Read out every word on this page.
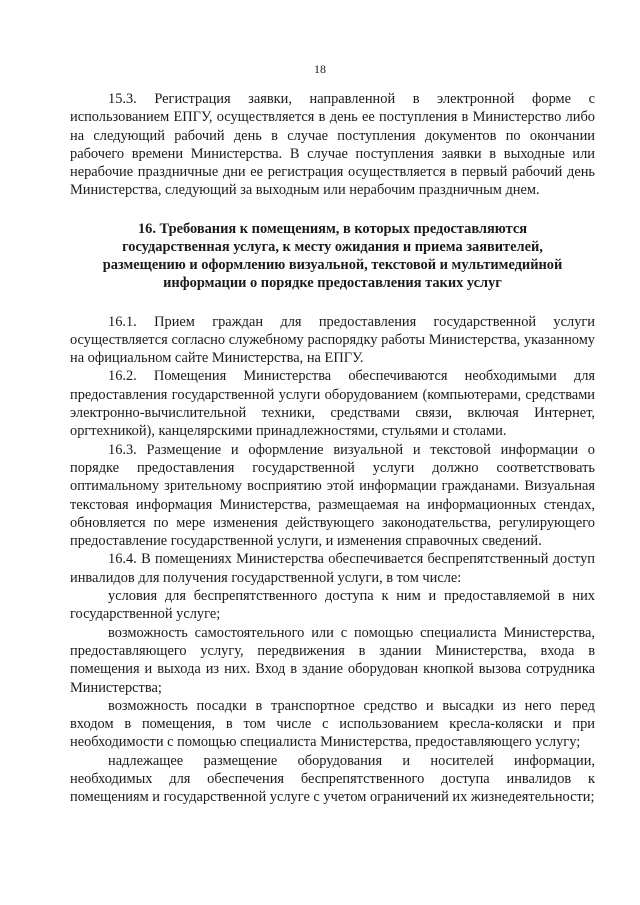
18

15.3. Регистрация заявки, направленной в электронной форме с использованием ЕПГУ, осуществляется в день ее поступления в Министерство либо на следующий рабочий день в случае поступления документов по окончании рабочего времени Министерства. В случае поступления заявки в выходные или нерабочие праздничные дни ее регистрация осуществляется в первый рабочий день Министерства, следующий за выходным или нерабочим праздничным днем.

16. Требования к помещениям, в которых предоставляются
государственная услуга, к месту ожидания и приема заявителей,
размещению и оформлению визуальной, текстовой и мультимедийной
информации о порядке предоставления таких услуг

16.1. Прием граждан для предоставления государственной услуги осуществляется согласно служебному распорядку работы Министерства, указанному на официальном сайте Министерства, на ЕПГУ.

16.2. Помещения Министерства обеспечиваются необходимыми для предоставления государственной услуги оборудованием (компьютерами, средствами электронно-вычислительной техники, средствами связи, включая Интернет, оргтехникой), канцелярскими принадлежностями, стульями и столами.

16.3. Размещение и оформление визуальной и текстовой информации о порядке предоставления государственной услуги должно соответствовать оптимальному зрительному восприятию этой информации гражданами. Визуальная текстовая информация Министерства, размещаемая на информационных стендах, обновляется по мере изменения действующего законодательства, регулирующего предоставление государственной услуги, и изменения справочных сведений.

16.4. В помещениях Министерства обеспечивается беспрепятственный доступ инвалидов для получения государственной услуги, в том числе:

условия для беспрепятственного доступа к ним и предоставляемой в них государственной услуге;

возможность самостоятельного или с помощью специалиста Министерства, предоставляющего услугу, передвижения в здании Министерства, входа в помещения и выхода из них. Вход в здание оборудован кнопкой вызова сотрудника Министерства;

возможность посадки в транспортное средство и высадки из него перед входом в помещения, в том числе с использованием кресла-коляски и при необходимости с помощью специалиста Министерства, предоставляющего услугу;

надлежащее размещение оборудования и носителей информации, необходимых для обеспечения беспрепятственного доступа инвалидов к помещениям и государственной услуге с учетом ограничений их жизнедеятельности;
